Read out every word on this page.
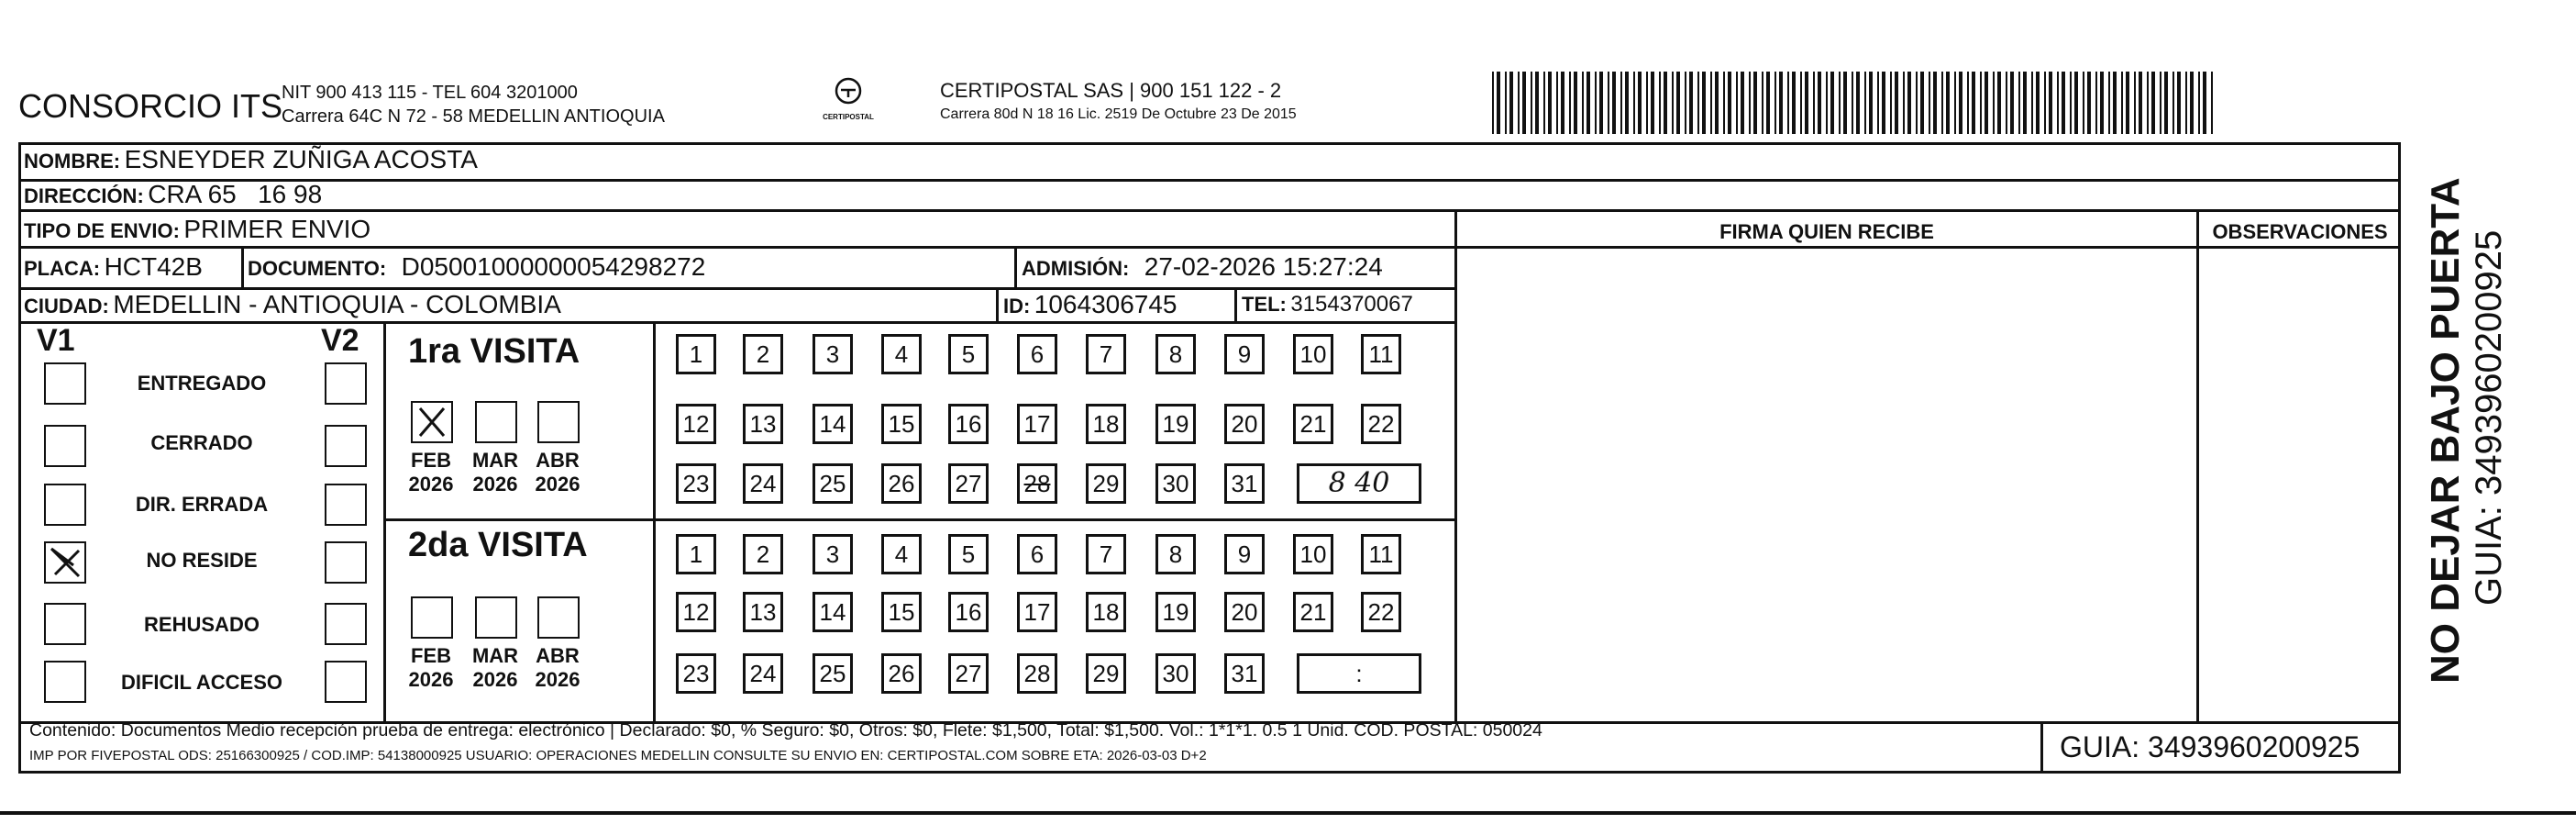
CONSORCIO ITS
NIT 900 413 115 - TEL 604 3201000
Carrera 64C N 72 - 58 MEDELLIN ANTIOQUIA	CERTIPOSTAL
CERTIPOSTAL SAS | 900 151 122 - 2
Carrera 80d N 18 16 Lic. 2519 De Octubre 23 De 2015
NOMBRE: ESNEYDER ZUÑIGA ACOSTA
DIRECCIÓN: CRA 65   16 98
TIPO DE ENVIO: PRIMER ENVIO	FIRMA QUIEN RECIBE	OBSERVACIONES
PLACA: HCT42B DOCUMENTO: D05001000000054298272	ADMISIÓN: 27-02-2026 15:27:24
CIUDAD: MEDELLIN - ANTIOQUIA - COLOMBIA	ID: 1064306745	TEL: 3154370067
V1	V2
ENTREGADO
CERRADO
DIR. ERRADA
NO RESIDE
REHUSADO
DIFICIL ACCESO
1ra VISITA
2da VISITA
FEB
2026
MAR
2026
ABR
2026
FEB
2026
MAR
2026
ABR
2026
1	2	3	4	5	6	7	8	9	10	11
12 13 14 15 16 17 18 19 20 21 22
23 24 25 26 27 28 29 30 31	8 40
1	2	3	4	5	6	7	8	9	10	11
12 13 14 15 16 17 18 19 20 21 22
23 24 25 26 27 28 29 30 31	:
Contenido: Documentos Medio recepción prueba de entrega: electrónico | Declarado: $0, % Seguro: $0, Otros: $0, Flete: $1,500, Total: $1,500. Vol.: 1*1*1. 0.5 1 Unid. COD. POSTAL: 050024
IMP POR FIVEPOSTAL ODS: 25166300925 / COD.IMP: 54138000925 USUARIO: OPERACIONES MEDELLIN CONSULTE SU ENVIO EN: CERTIPOSTAL.COM SOBRE ETA: 2026-03-03 D+2	GUIA: 3493960200925
NO DEJAR BAJO PUERTA GUIA: 3493960200925
